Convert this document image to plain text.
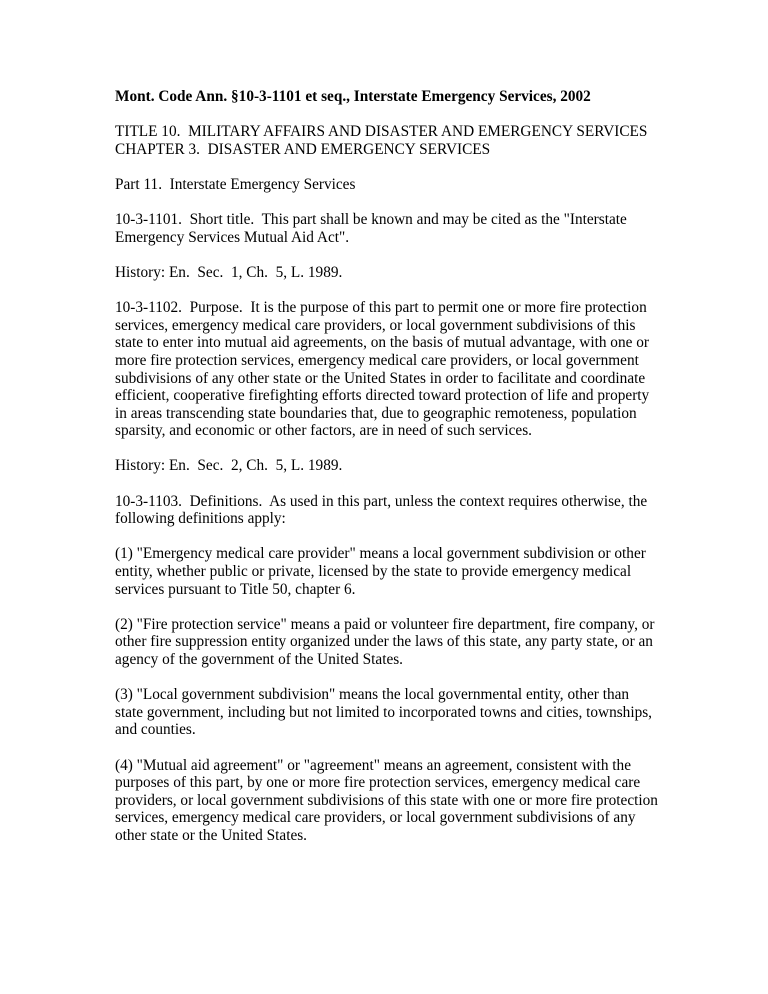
Mont. Code Ann. §10-3-1101 et seq., Interstate Emergency Services, 2002

TITLE 10.  MILITARY AFFAIRS AND DISASTER AND EMERGENCY SERVICES
CHAPTER 3.  DISASTER AND EMERGENCY SERVICES

Part 11.  Interstate Emergency Services

10-3-1101.  Short title.  This part shall be known and may be cited as the "Interstate Emergency Services Mutual Aid Act".

History: En.  Sec.  1, Ch.  5, L. 1989.

10-3-1102.  Purpose.  It is the purpose of this part to permit one or more fire protection services, emergency medical care providers, or local government subdivisions of this state to enter into mutual aid agreements, on the basis of mutual advantage, with one or more fire protection services, emergency medical care providers, or local government subdivisions of any other state or the United States in order to facilitate and coordinate efficient, cooperative firefighting efforts directed toward protection of life and property in areas transcending state boundaries that, due to geographic remoteness, population sparsity, and economic or other factors, are in need of such services.

History: En.  Sec.  2, Ch.  5, L. 1989.

10-3-1103.  Definitions.  As used in this part, unless the context requires otherwise, the following definitions apply:

(1) "Emergency medical care provider" means a local government subdivision or other entity, whether public or private, licensed by the state to provide emergency medical services pursuant to Title 50, chapter 6.

(2) "Fire protection service" means a paid or volunteer fire department, fire company, or other fire suppression entity organized under the laws of this state, any party state, or an agency of the government of the United States.

(3) "Local government subdivision" means the local governmental entity, other than state government, including but not limited to incorporated towns and cities, townships, and counties.

(4) "Mutual aid agreement" or "agreement" means an agreement, consistent with the purposes of this part, by one or more fire protection services, emergency medical care providers, or local government subdivisions of this state with one or more fire protection services, emergency medical care providers, or local government subdivisions of any other state or the United States.
